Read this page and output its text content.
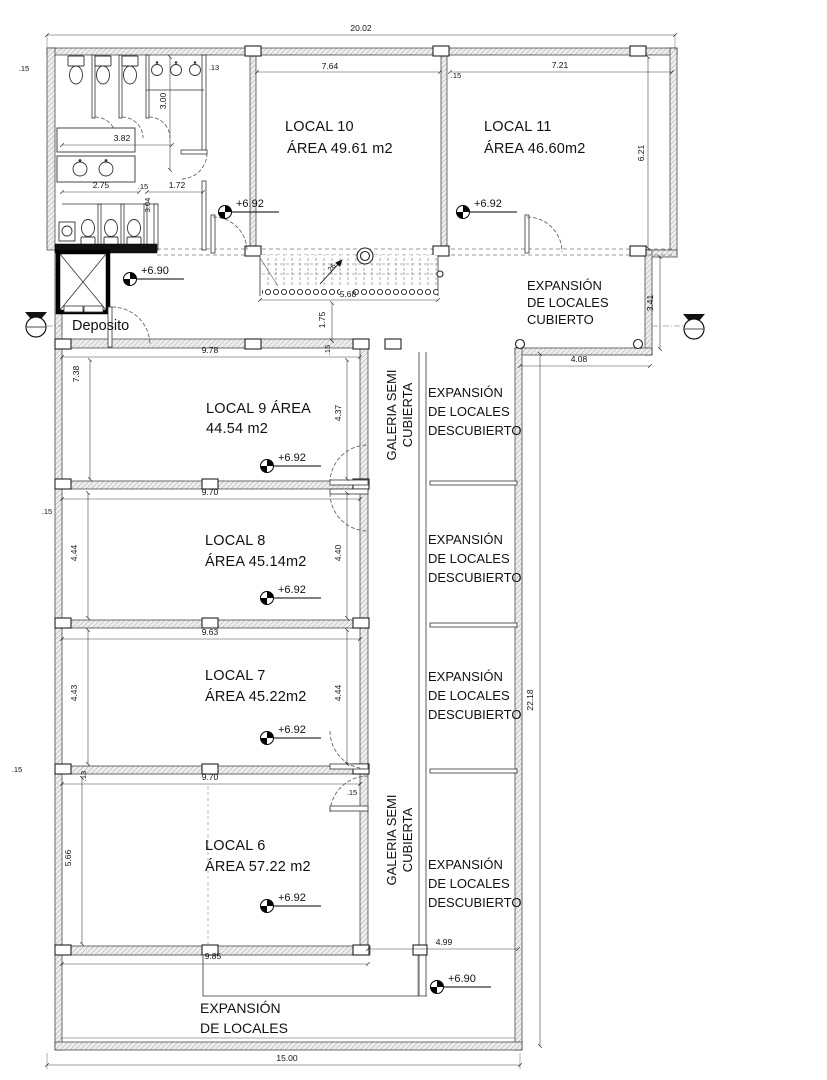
20.02
.15	.13	7.64
.15
7.21
3.82
2.75	.15 1.72
5.68
4.08
9.78
9.70
.15
9.63
9.70
.15
.15
9.85
4.99
15.00
3.00
3.04
6.21
1.75
.15
3.41
7.38
4.37
4.44	4.40
4.43	4.44
.13
5.66
22.18
.26
LOCAL 10
ÁREA 49.61 m2
LOCAL 11
ÁREA 46.60m2
LOCAL 9 ÁREA
44.54 m2
LOCAL 8
ÁREA 45.14m2
LOCAL 7
ÁREA 45.22m2
LOCAL 6
ÁREA 57.22 m2
Deposito
EXPANSIÓN
DE LOCALES
CUBIERTO
EXPANSIÓN
DE LOCALES
DESCUBIERTO
EXPANSIÓN
DE LOCALES
DESCUBIERTO
EXPANSIÓN
DE LOCALES
DESCUBIERTO
EXPANSIÓN
DE LOCALES
DESCUBIERTO
EXPANSIÓN
DE LOCALES
GALERIA SEMI CUBIERTA
GALERIA SEMI CUBIERTA
+6.92	+6.92
+6.90
+6.92
+6.92
+6.92
+6.92
+6.90
